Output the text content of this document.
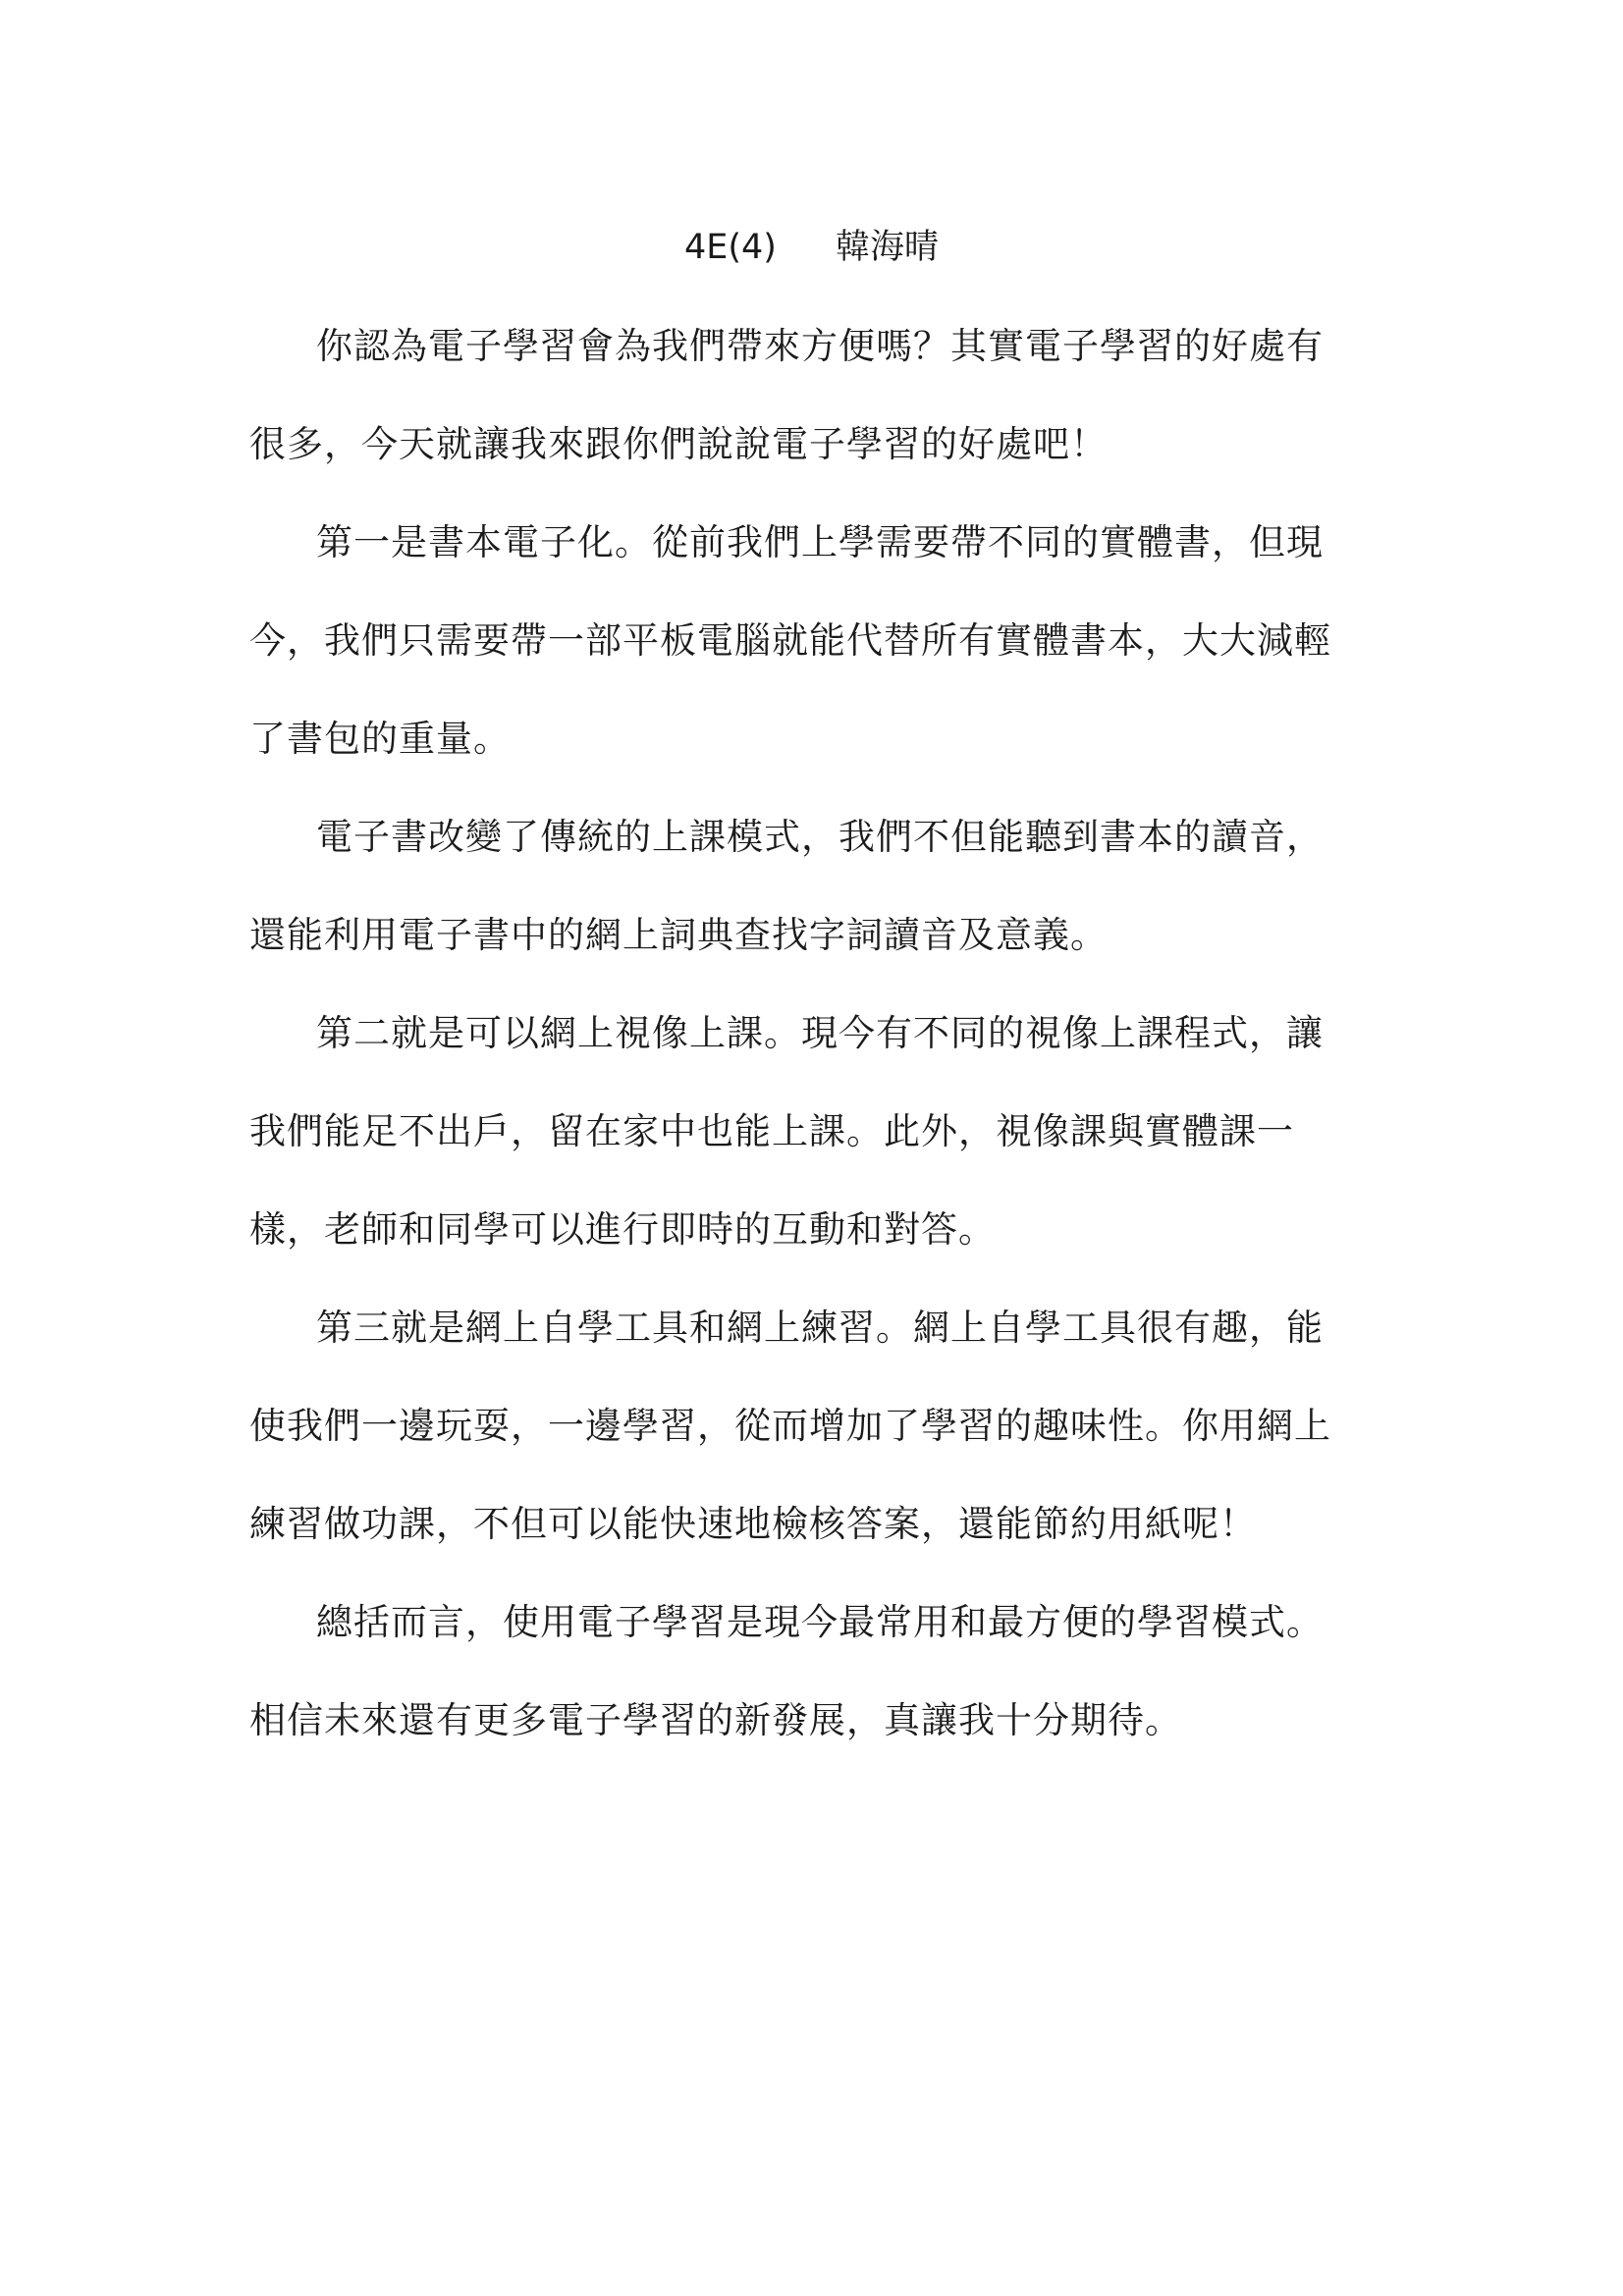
4E(4) 韓海晴
你認為電子學習會為我們帶來方便嗎？其實電子學習的好處有
很多，今天就讓我來跟你們說說電子學習的好處吧！
第一是書本電子化。從前我們上學需要帶不同的實體書，但現
今，我們只需要帶一部平板電腦就能代替所有實體書本，大大減輕
了書包的重量。
電子書改變了傳統的上課模式，我們不但能聽到書本的讀音，
還能利用電子書中的網上詞典查找字詞讀音及意義。
第二就是可以網上視像上課。現今有不同的視像上課程式，讓
我們能足不出戶，留在家中也能上課。此外，視像課與實體課一
樣，老師和同學可以進行即時的互動和對答。
第三就是網上自學工具和網上練習。網上自學工具很有趣，能
使我們一邊玩耍，一邊學習，從而增加了學習的趣味性。你用網上
練習做功課，不但可以能快速地檢核答案，還能節約用紙呢！
總括而言，使用電子學習是現今最常用和最方便的學習模式。
相信未來還有更多電子學習的新發展，真讓我十分期待。
